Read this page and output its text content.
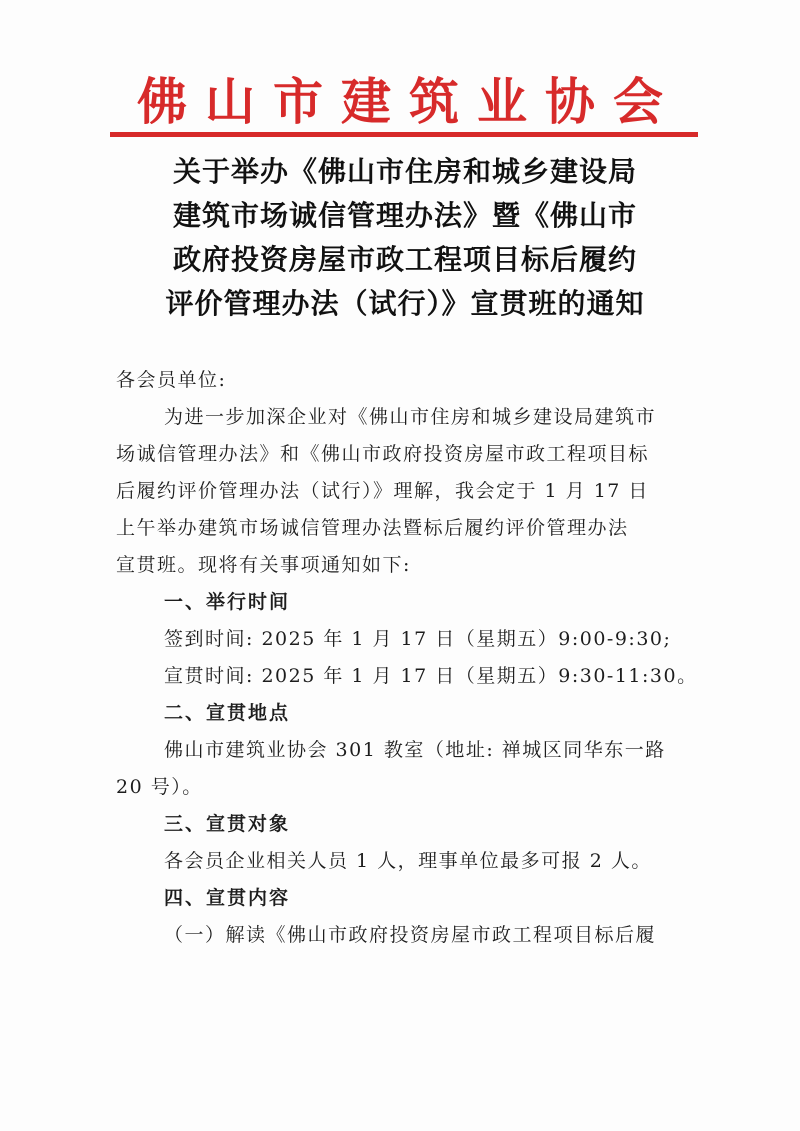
佛山市建筑业协会
关于举办《佛山市住房和城乡建设局
建筑市场诚信管理办法》暨《佛山市
政府投资房屋市政工程项目标后履约
评价管理办法（试行）》宣贯班的通知

各会员单位:

为进一步加深企业对《佛山市住房和城乡建设局建筑市

场诚信管理办法》和《佛山市政府投资房屋市政工程项目标

后履约评价管理办法（试行）》理解，我会定于 1 月 17 日

上午举办建筑市场诚信管理办法暨标后履约评价管理办法

宣贯班。现将有关事项通知如下:

一、举行时间

签到时间: 2025 年 1 月 17 日（星期五）9:00-9:30;

宣贯时间: 2025 年 1 月 17 日（星期五）9:30-11:30。

二、宣贯地点

佛山市建筑业协会 301 教室（地址: 禅城区同华东一路

20 号）。

三、宣贯对象

各会员企业相关人员 1 人，理事单位最多可报 2 人。

四、宣贯内容

（一）解读《佛山市政府投资房屋市政工程项目标后履
